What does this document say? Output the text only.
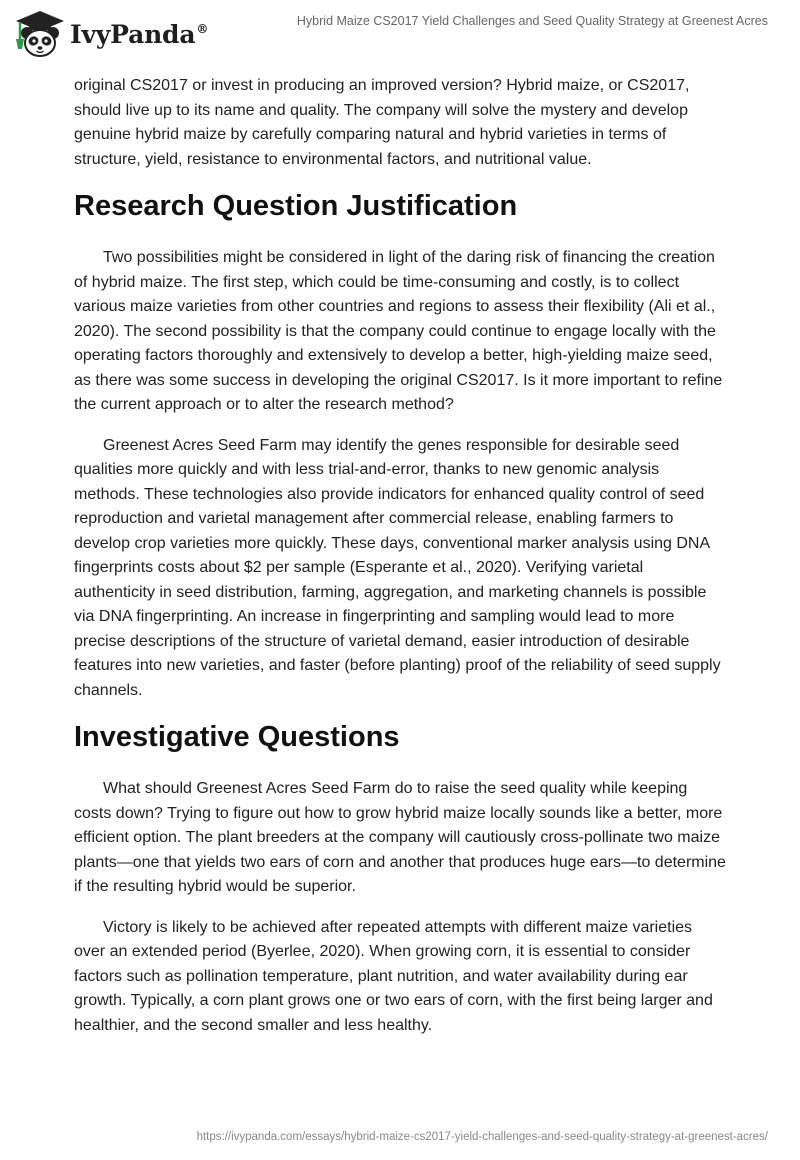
IvyPanda®
Hybrid Maize CS2017 Yield Challenges and Seed Quality Strategy at Greenest Acres

original CS2017 or invest in producing an improved version? Hybrid maize, or CS2017, should live up to its name and quality. The company will solve the mystery and develop genuine hybrid maize by carefully comparing natural and hybrid varieties in terms of structure, yield, resistance to environmental factors, and nutritional value.

Research Question Justification

Two possibilities might be considered in light of the daring risk of financing the creation of hybrid maize. The first step, which could be time-consuming and costly, is to collect various maize varieties from other countries and regions to assess their flexibility (Ali et al., 2020). The second possibility is that the company could continue to engage locally with the operating factors thoroughly and extensively to develop a better, high-yielding maize seed, as there was some success in developing the original CS2017. Is it more important to refine the current approach or to alter the research method?

Greenest Acres Seed Farm may identify the genes responsible for desirable seed qualities more quickly and with less trial-and-error, thanks to new genomic analysis methods. These technologies also provide indicators for enhanced quality control of seed reproduction and varietal management after commercial release, enabling farmers to develop crop varieties more quickly. These days, conventional marker analysis using DNA fingerprints costs about $2 per sample (Esperante et al., 2020). Verifying varietal authenticity in seed distribution, farming, aggregation, and marketing channels is possible via DNA fingerprinting. An increase in fingerprinting and sampling would lead to more precise descriptions of the structure of varietal demand, easier introduction of desirable features into new varieties, and faster (before planting) proof of the reliability of seed supply channels.

Investigative Questions

What should Greenest Acres Seed Farm do to raise the seed quality while keeping costs down? Trying to figure out how to grow hybrid maize locally sounds like a better, more efficient option. The plant breeders at the company will cautiously cross-pollinate two maize plants—one that yields two ears of corn and another that produces huge ears—to determine if the resulting hybrid would be superior.

Victory is likely to be achieved after repeated attempts with different maize varieties over an extended period (Byerlee, 2020). When growing corn, it is essential to consider factors such as pollination temperature, plant nutrition, and water availability during ear growth. Typically, a corn plant grows one or two ears of corn, with the first being larger and healthier, and the second smaller and less healthy.

https://ivypanda.com/essays/hybrid-maize-cs2017-yield-challenges-and-seed-quality-strategy-at-greenest-acres/
